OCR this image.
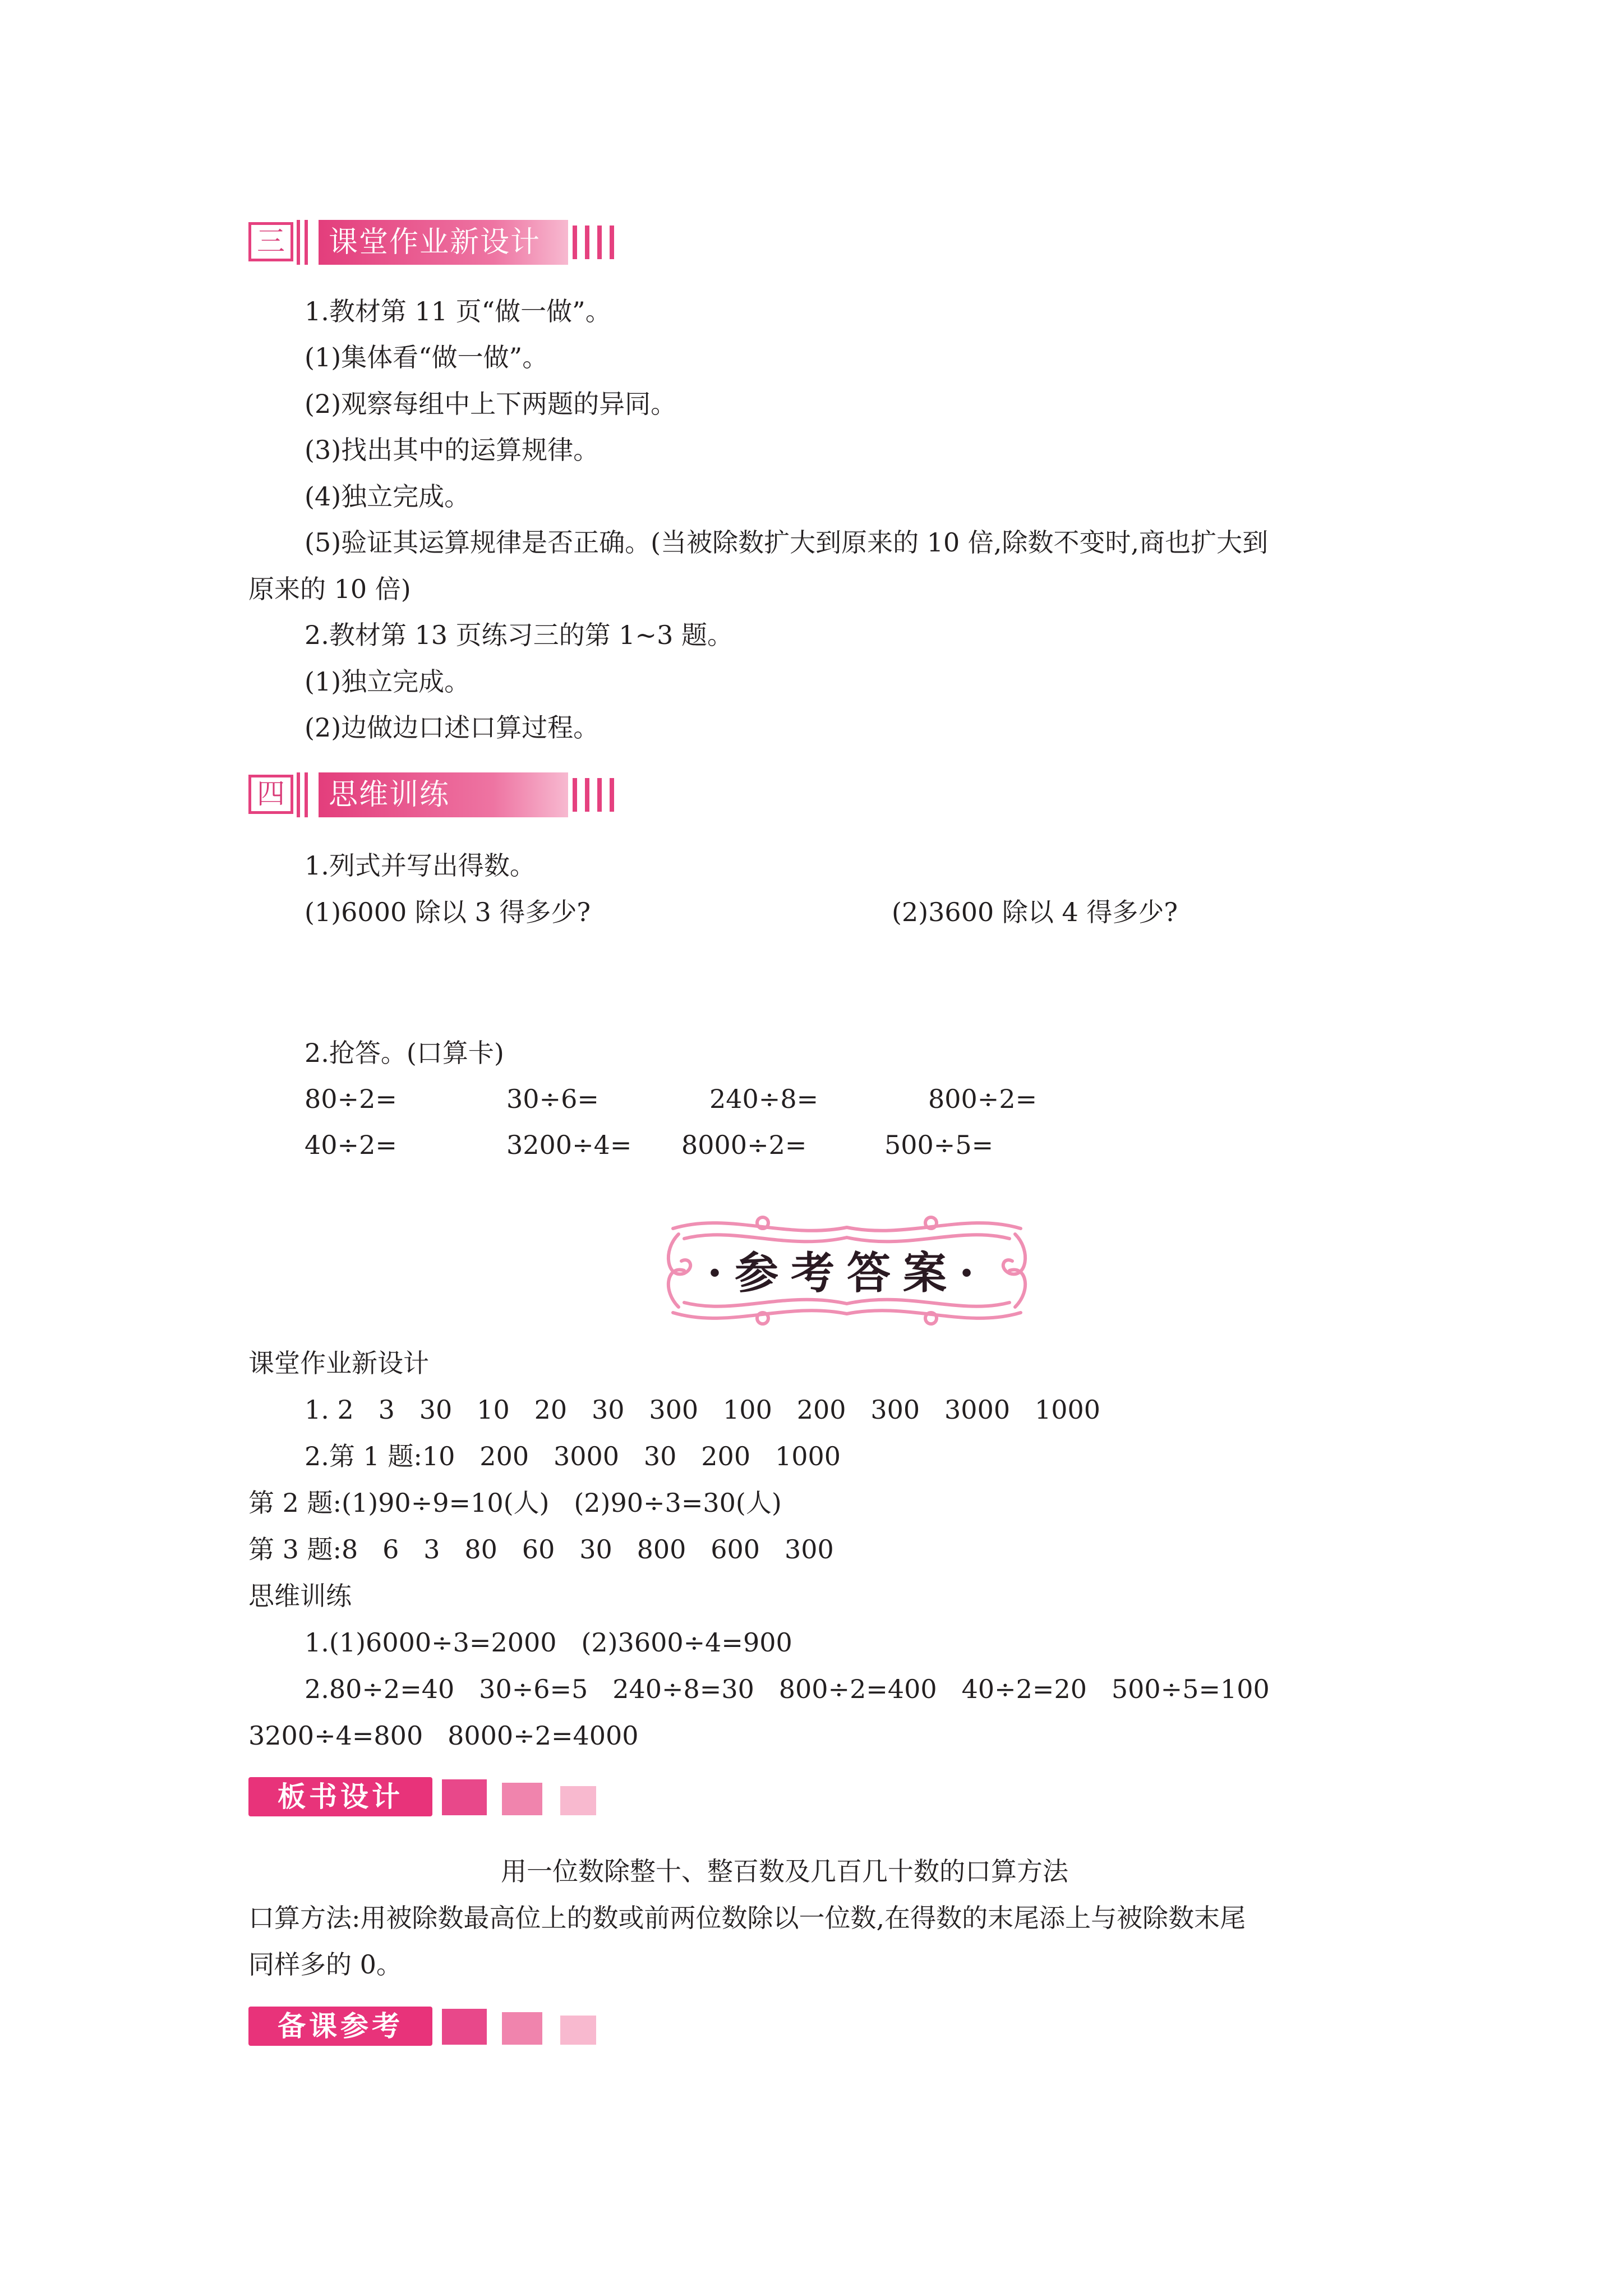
三 课堂作业新设计
1.教材第 11 页“做一做”。
(1)集体看“做一做”。
(2)观察每组中上下两题的异同。
(3)找出其中的运算规律。
(4)独立完成。
(5)验证其运算规律是否正确。(当被除数扩大到原来的 10 倍,除数不变时,商也扩大到
原来的 10 倍)
2.教材第 13 页练习三的第 1~3 题。
(1)独立完成。
(2)边做边口述口算过程。
四 思维训练
1.列式并写出得数。
(1)6000 除以 3 得多少?	(2)3600 除以 4 得多少?
2.抢答。(口算卡)
80÷2=	30÷6=	240÷8=	800÷2=
40÷2=	3200÷4= 8000÷2=	500÷5=
·参考答案·
课堂作业新设计
1. 2   3   30   10   20   30   300   100   200   300   3000   1000
2.第 1 题:10   200   3000   30   200   1000
第 2 题:(1)90÷9=10(人)   (2)90÷3=30(人)
第 3 题:8   6   3   80   60   30   800   600   300
思维训练
1.(1)6000÷3=2000   (2)3600÷4=900
2.80÷2=40   30÷6=5   240÷8=30   800÷2=400   40÷2=20   500÷5=100
3200÷4=800   8000÷2=4000
板书设计
用一位数除整十、整百数及几百几十数的口算方法
口算方法:用被除数最高位上的数或前两位数除以一位数,在得数的末尾添上与被除数末尾
同样多的 0。
备课参考
